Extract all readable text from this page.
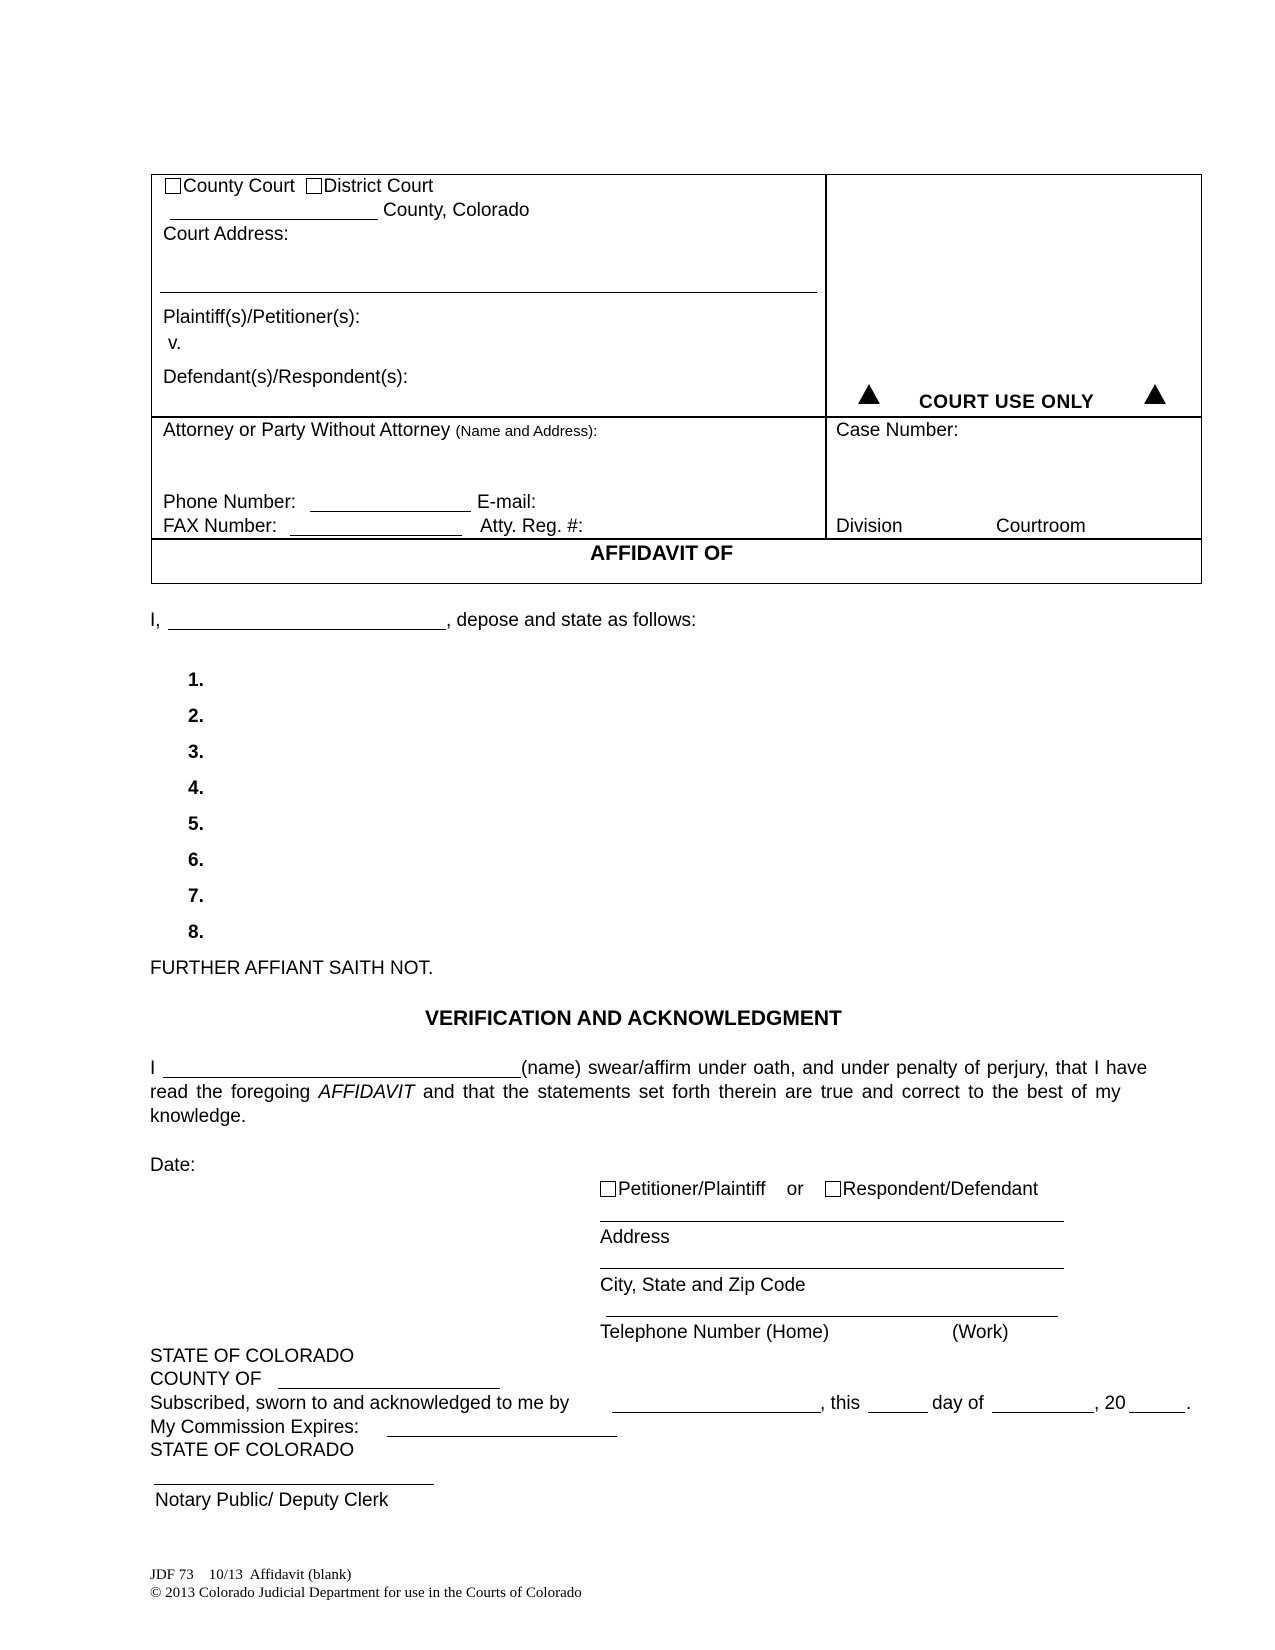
County Court District Court
County, Colorado
Court Address:
Plaintiff(s)/Petitioner(s):
v.
Defendant(s)/Respondent(s):
COURT USE ONLY
Attorney or Party Without Attorney (Name and Address):
Phone Number:	E-mail:
FAX Number:	Atty. Reg. #:
Case Number:
Division	Courtroom
AFFIDAVIT OF
I,	, depose and state as follows:
1.
2.
3.
4.
5.
6.
7.
8.
FURTHER AFFIANT SAITH NOT.
VERIFICATION AND ACKNOWLEDGMENT
I	(name) swear/affirm under oath, and under penalty of perjury, that I have
read the foregoing AFFIDAVIT and that the statements set forth therein are true and correct to the best of my
knowledge.
Date:
Petitioner/Plaintiff or Respondent/Defendant
Address
City, State and Zip Code
Telephone Number (Home)	(Work)
STATE OF COLORADO
COUNTY OF
Subscribed, sworn to and acknowledged to me by	, this	day of	, 20	.
My Commission Expires:
STATE OF COLORADO
Notary Public/ Deputy Clerk
JDF 73    10/13  Affidavit (blank)
© 2013 Colorado Judicial Department for use in the Courts of Colorado
